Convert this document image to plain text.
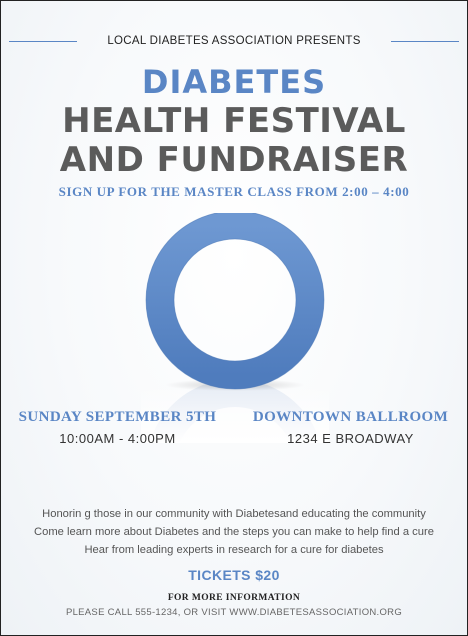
LOCAL DIABETES ASSOCIATION PRESENTS
DIABETES
HEALTH FESTIVAL
AND FUNDRAISER
SIGN UP FOR THE MASTER CLASS FROM 2:00 – 4:00
SUNDAY SEPTEMBER 5TH
10:00AM - 4:00PM
DOWNTOWN BALLROOM
1234 E BROADWAY
Honorin g those in our community with Diabetesand educating the community
Come learn more about Diabetes and the steps you can make to help find a cure
Hear from leading experts in research for a cure for diabetes
TICKETS $20
FOR MORE INFORMATION
PLEASE CALL 555-1234, OR VISIT WWW.DIABETESASSOCIATION.ORG
